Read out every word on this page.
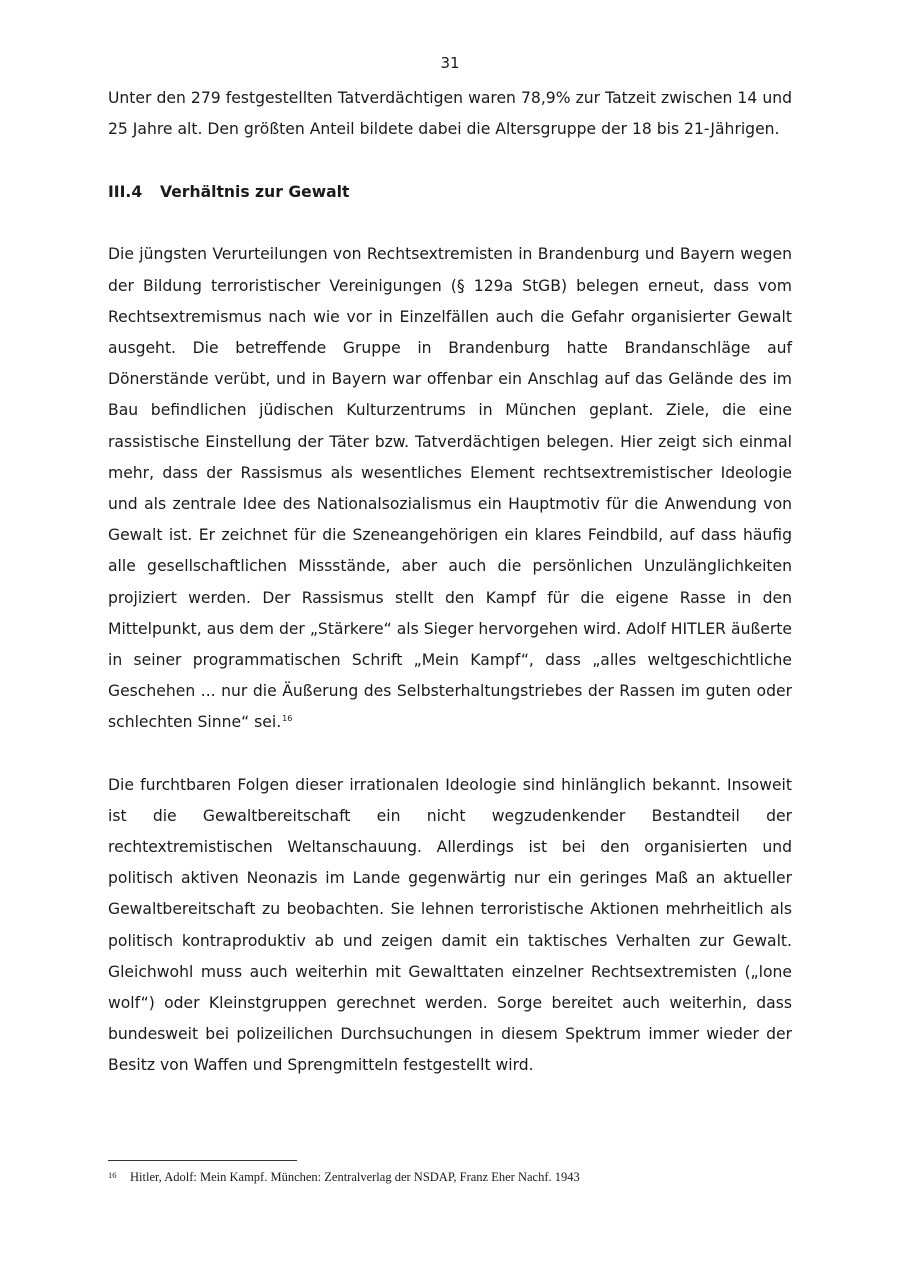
31

Unter den 279 festgestellten Tatverdächtigen waren 78,9% zur Tatzeit zwischen 14 und 25 Jahre alt. Den größten Anteil bildete dabei die Altersgruppe der 18 bis 21-Jährigen.

III.4 Verhältnis zur Gewalt

Die jüngsten Verurteilungen von Rechtsextremisten in Brandenburg und Bayern wegen der Bildung terroristischer Vereinigungen (§ 129a StGB) belegen erneut, dass vom Rechtsextremismus nach wie vor in Einzelfällen auch die Gefahr organisierter Gewalt ausgeht. Die betreffende Gruppe in Brandenburg hatte Brandanschläge auf Dönerstände verübt, und in Bayern war offenbar ein Anschlag auf das Gelände des im Bau befindlichen jüdischen Kulturzentrums in München geplant. Ziele, die eine rassistische Einstellung der Täter bzw. Tatverdächtigen belegen. Hier zeigt sich einmal mehr, dass der Rassismus als wesentliches Element rechtsextremistischer Ideologie und als zentrale Idee des Nationalsozialismus ein Hauptmotiv für die Anwendung von Gewalt ist. Er zeichnet für die Szeneangehörigen ein klares Feindbild, auf dass häufig alle gesellschaftlichen Missstände, aber auch die persönlichen Unzulänglichkeiten projiziert werden. Der Rassismus stellt den Kampf für die eigene Rasse in den Mittelpunkt, aus dem der „Stärkere“ als Sieger hervorgehen wird. Adolf HITLER äußerte in seiner programmatischen Schrift „Mein Kampf“, dass „alles weltgeschichtliche Geschehen ... nur die Äußerung des Selbsterhaltungstriebes der Rassen im guten oder schlechten Sinne“ sei.$^{16}$

Die furchtbaren Folgen dieser irrationalen Ideologie sind hinlänglich bekannt. Insoweit ist die Gewaltbereitschaft ein nicht wegzudenkender Bestandteil der rechtextremistischen Weltanschauung. Allerdings ist bei den organisierten und politisch aktiven Neonazis im Lande gegenwärtig nur ein geringes Maß an aktueller Gewaltbereitschaft zu beobachten. Sie lehnen terroristische Aktionen mehrheitlich als politisch kontraproduktiv ab und zeigen damit ein taktisches Verhalten zur Gewalt. Gleichwohl muss auch weiterhin mit Gewalttaten einzelner Rechtsextremisten („lone wolf“) oder Kleinstgruppen gerechnet werden. Sorge bereitet auch weiterhin, dass bundesweit bei polizeilichen Durchsuchungen in diesem Spektrum immer wieder der Besitz von Waffen und Sprengmitteln festgestellt wird.

16 Hitler, Adolf: Mein Kampf. München: Zentralverlag der NSDAP, Franz Eher Nachf. 1943
